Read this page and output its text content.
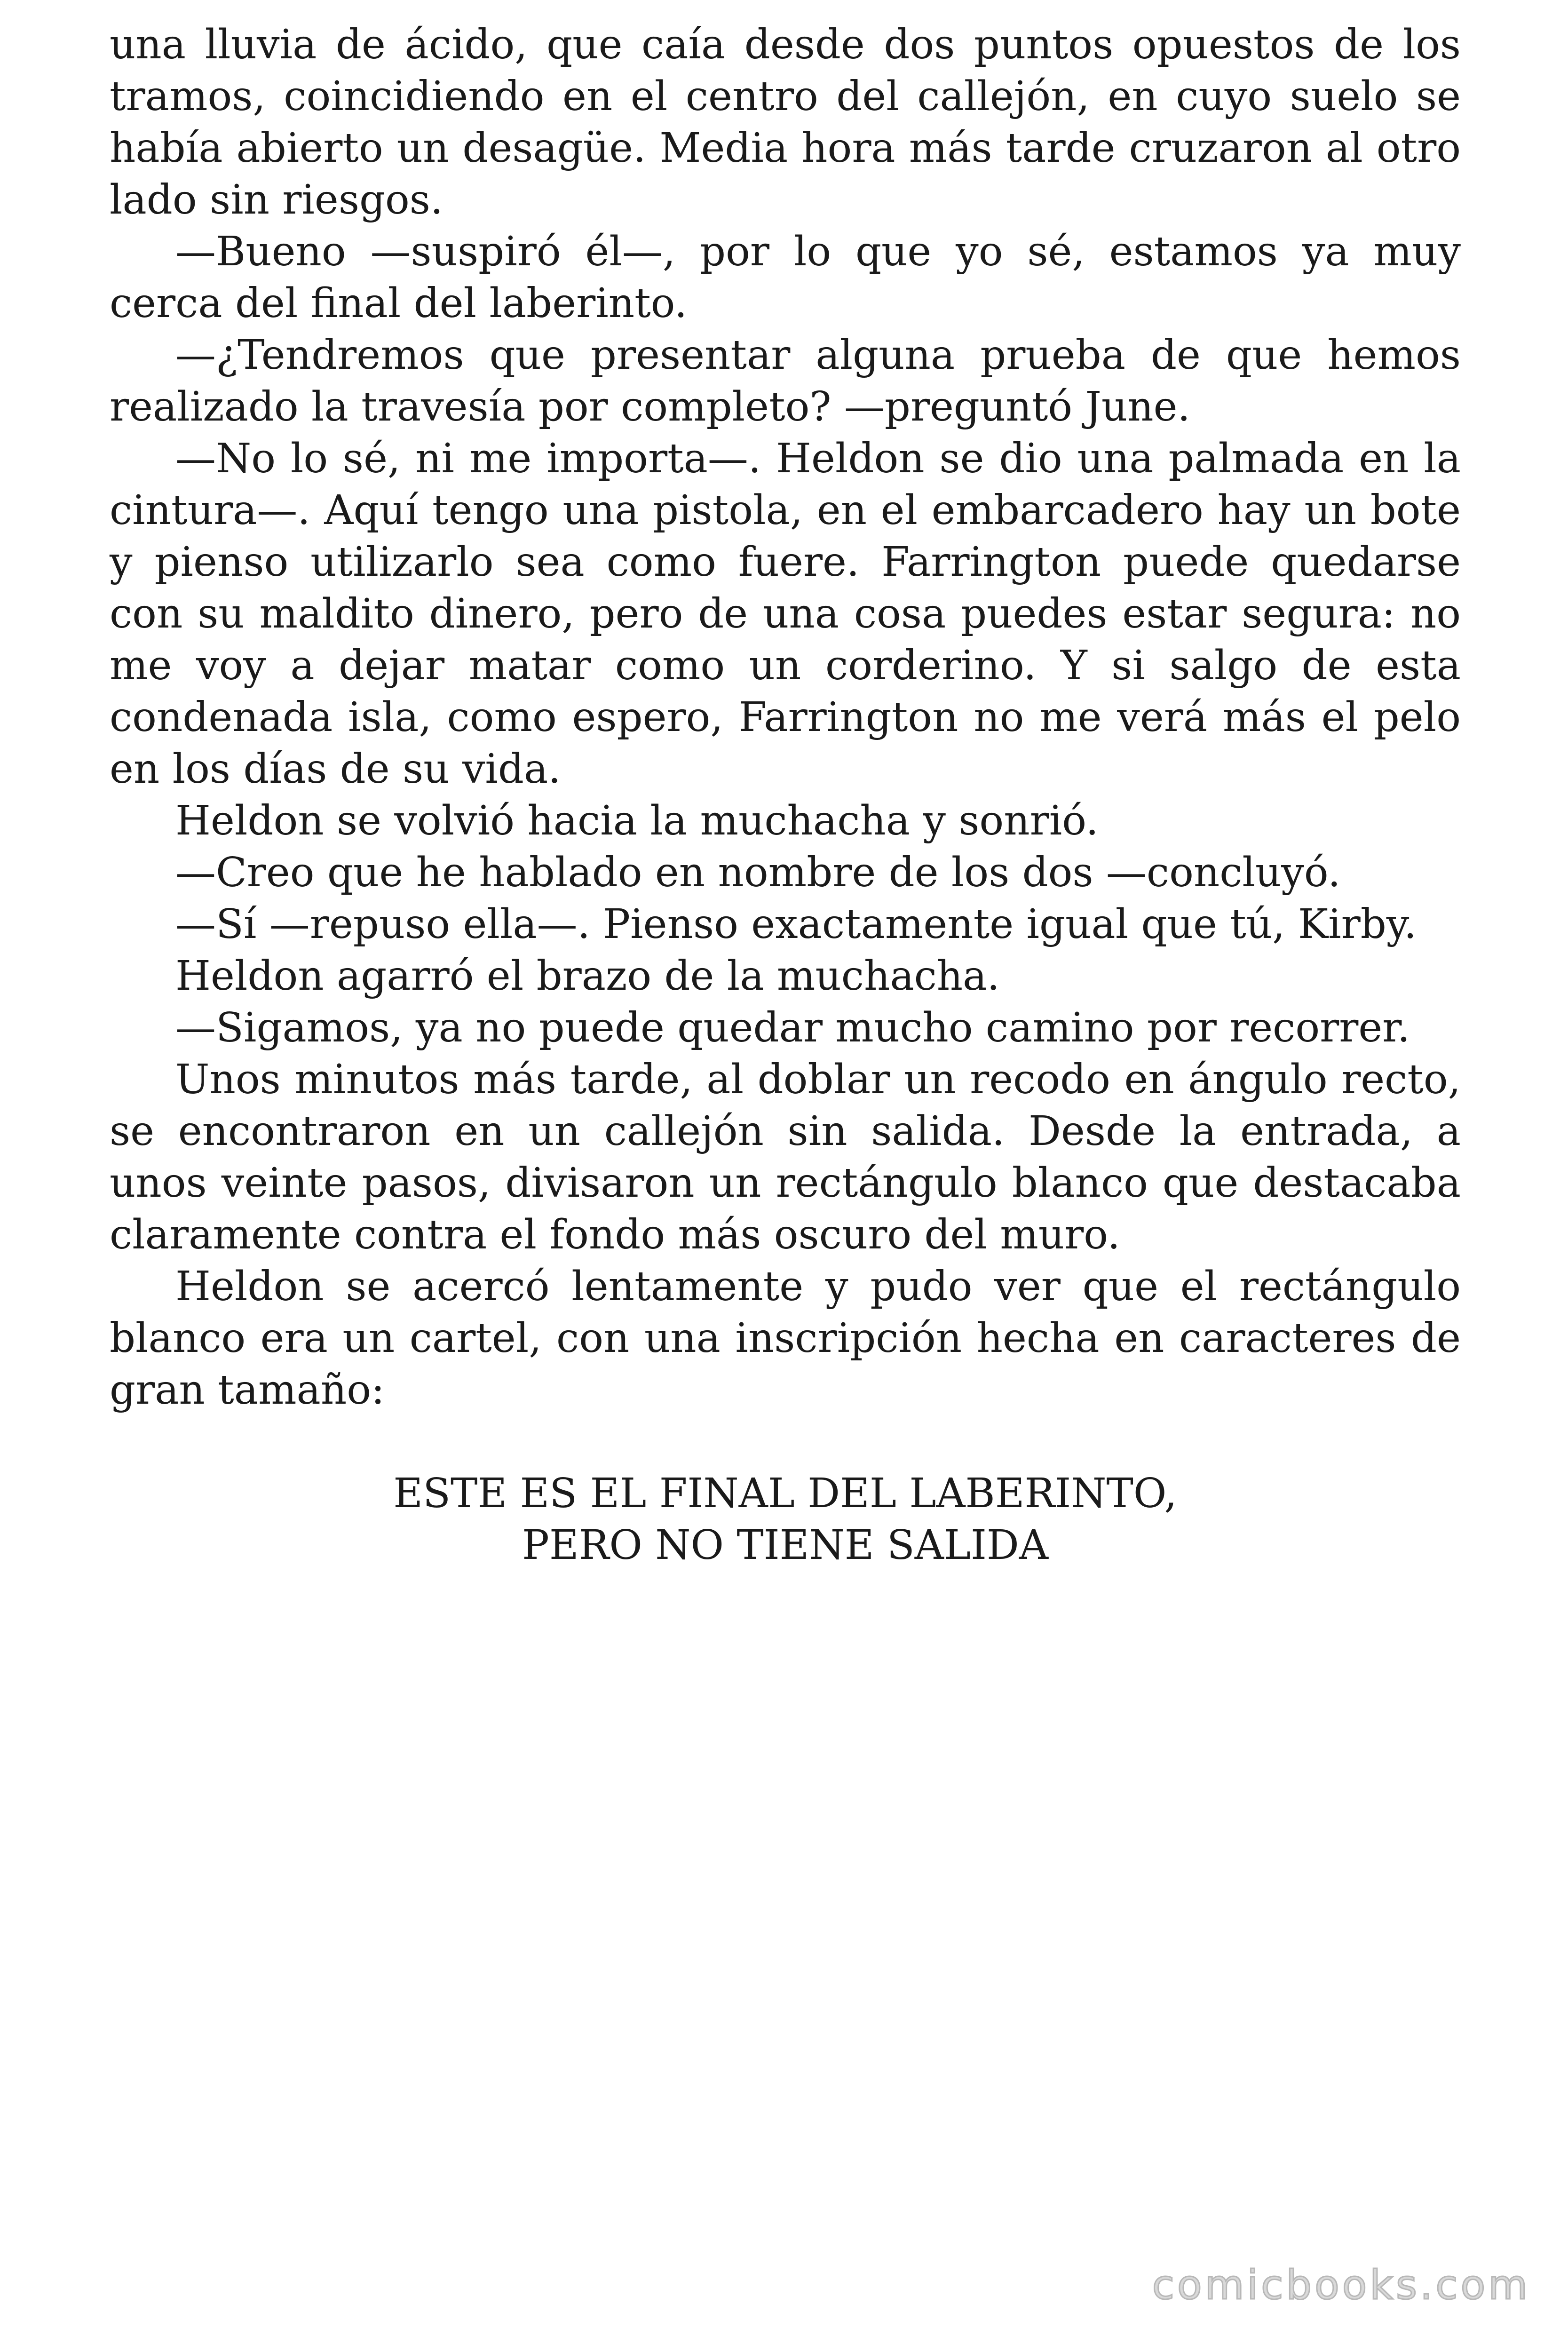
una lluvia de ácido, que caía desde dos puntos opuestos de los tramos, coincidiendo en el centro del callejón, en cuyo suelo se había abierto un desagüe. Media hora más tarde cruzaron al otro lado sin riesgos.

—Bueno —suspiró él—, por lo que yo sé, estamos ya muy cerca del final del laberinto.

—¿Tendremos que presentar alguna prueba de que hemos realizado la travesía por completo? —preguntó June.

—No lo sé, ni me importa—. Heldon se dio una palmada en la cintura—. Aquí tengo una pistola, en el embarcadero hay un bote y pienso utilizarlo sea como fuere. Farrington puede quedarse con su maldito dinero, pero de una cosa puedes estar segura: no me voy a dejar matar como un corderino. Y si salgo de esta condenada isla, como espero, Farrington no me verá más el pelo en los días de su vida.

Heldon se volvió hacia la muchacha y sonrió.

—Creo que he hablado en nombre de los dos —concluyó.

—Sí —repuso ella—. Pienso exactamente igual que tú, Kirby.

Heldon agarró el brazo de la muchacha.

—Sigamos, ya no puede quedar mucho camino por recorrer.

Unos minutos más tarde, al doblar un recodo en ángulo recto, se encontraron en un callejón sin salida. Desde la entrada, a unos veinte pasos, divisaron un rectángulo blanco que destacaba claramente contra el fondo más oscuro del muro.

Heldon se acercó lentamente y pudo ver que el rectángulo blanco era un cartel, con una inscripción hecha en caracteres de gran tamaño:

ESTE ES EL FINAL DEL LABERINTO,
PERO NO TIENE SALIDA
comicbooks.com
